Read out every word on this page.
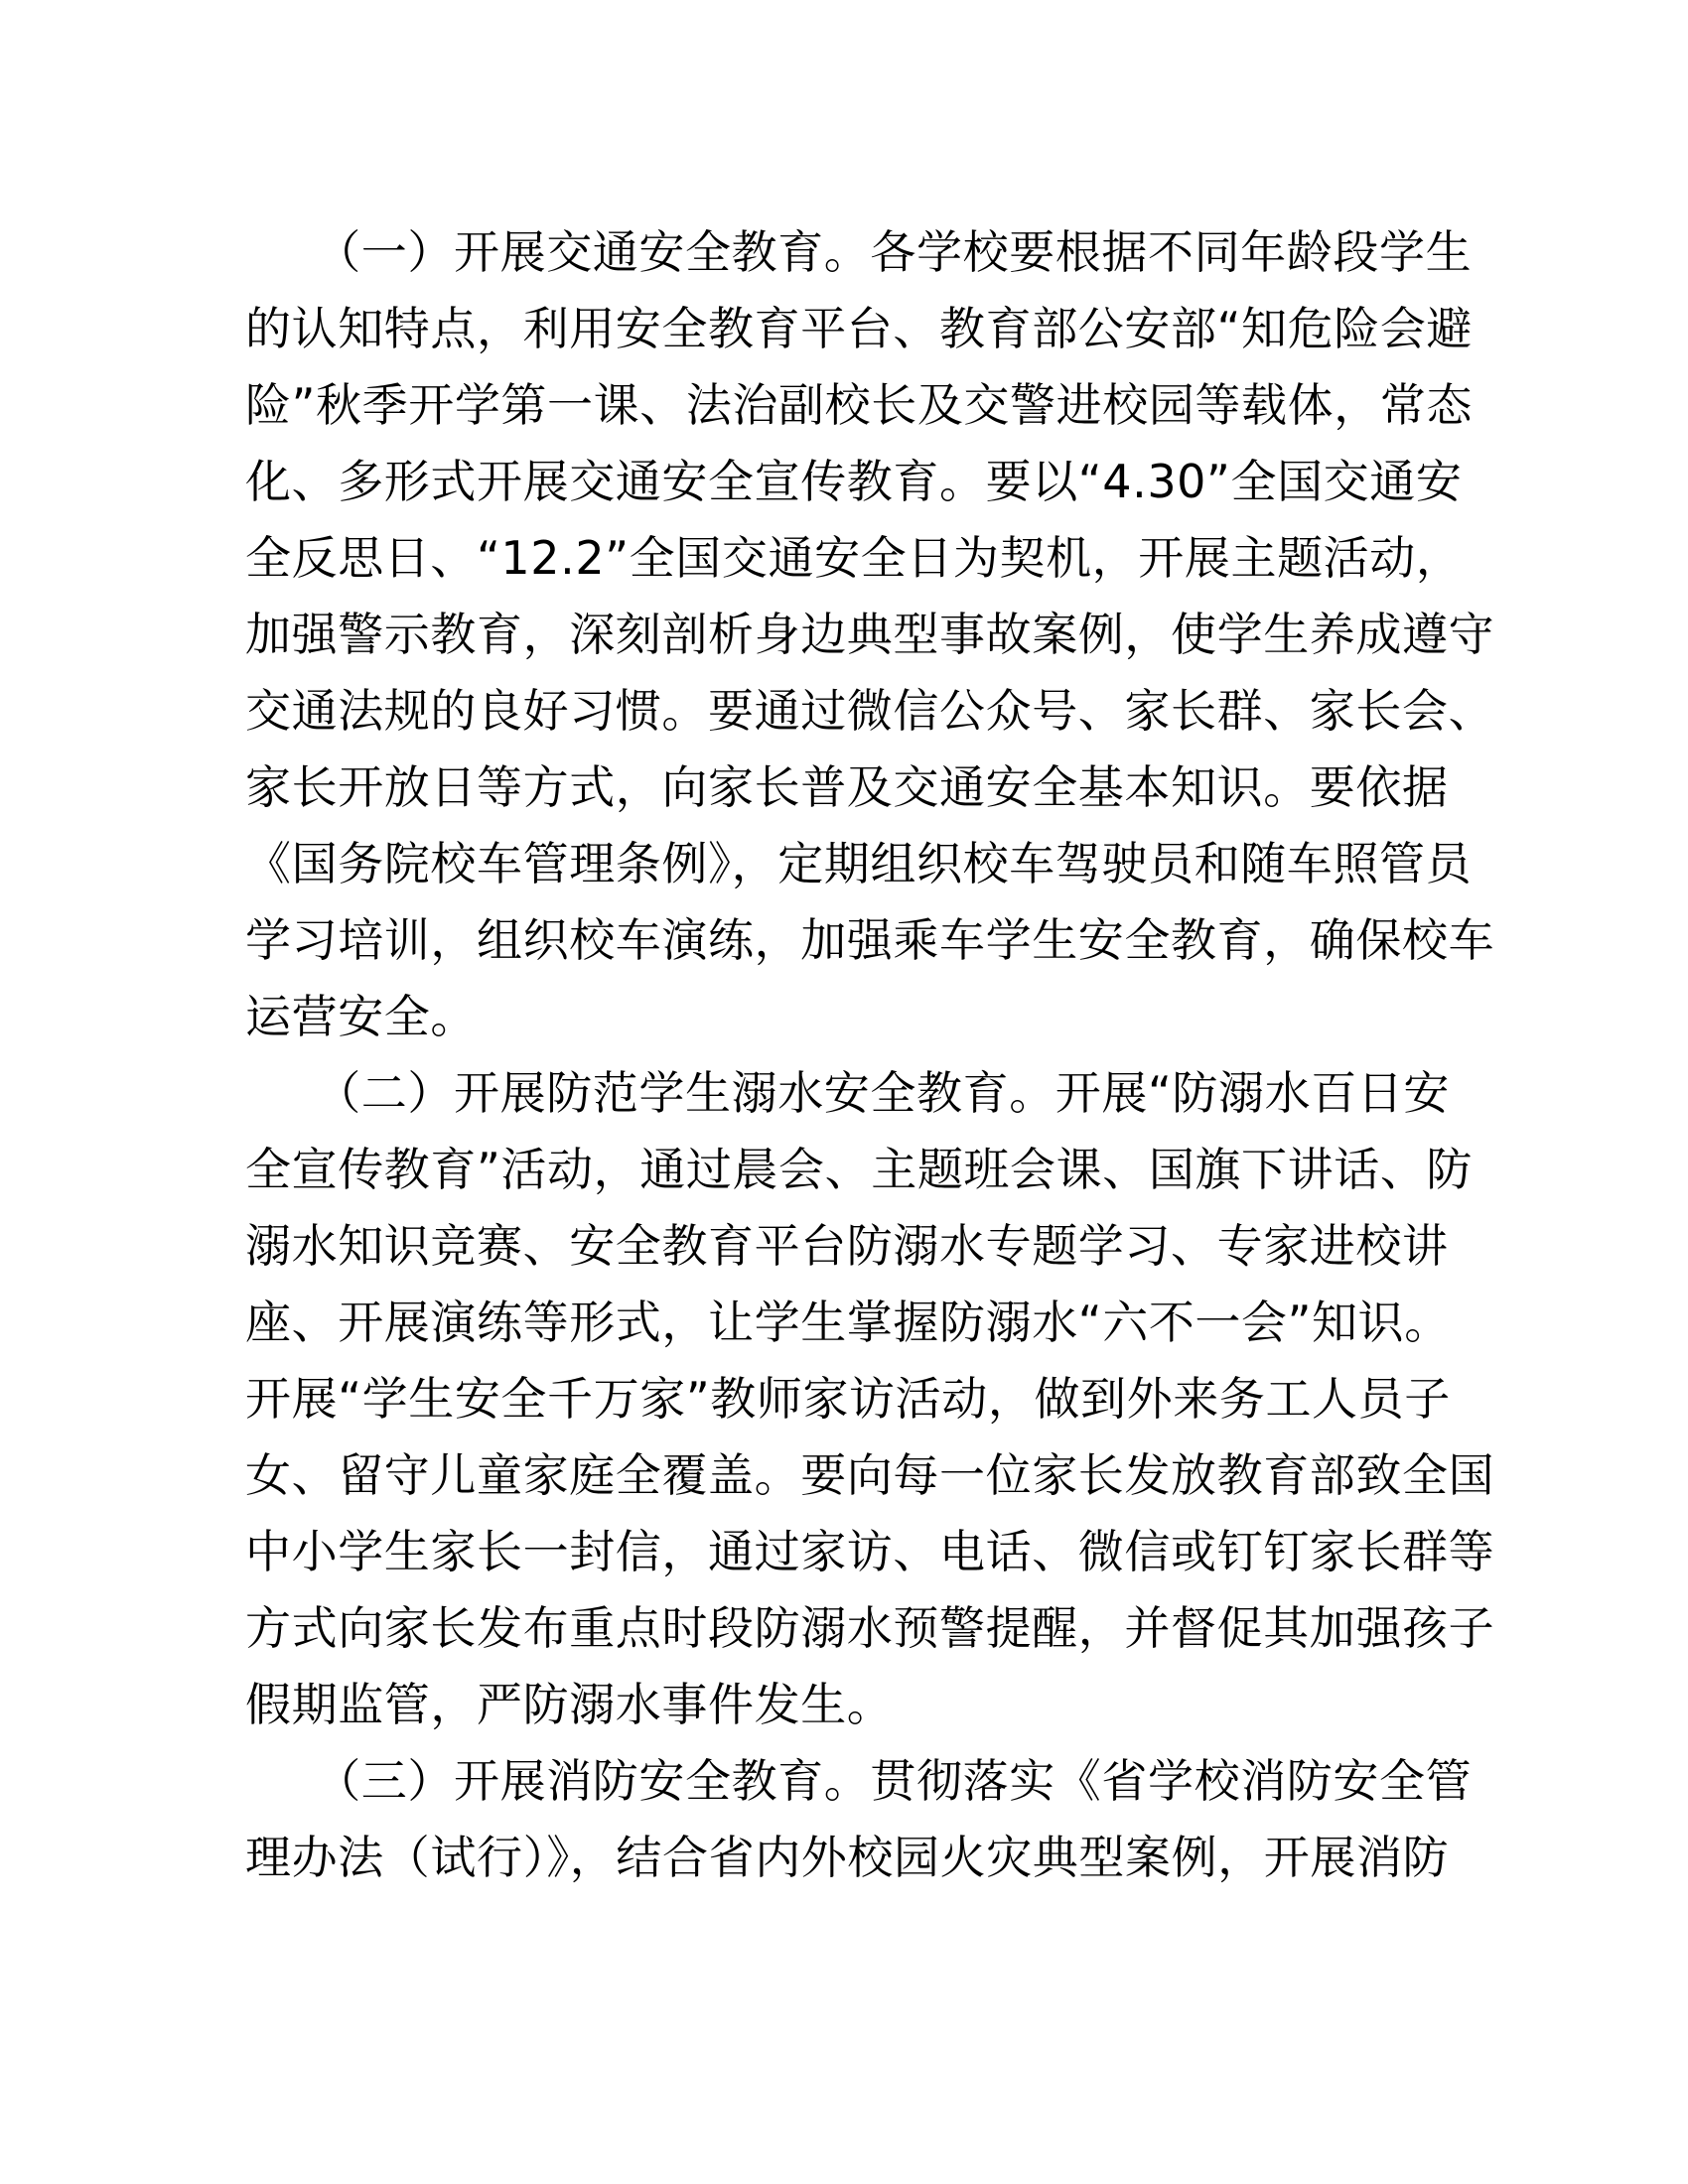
　　（一）开展交通安全教育。各学校要根据不同年龄段学生
的认知特点，利用安全教育平台、教育部公安部“知危险会避
险”秋季开学第一课、法治副校长及交警进校园等载体，常态
化、多形式开展交通安全宣传教育。要以“4.30”全国交通安
全反思日、“12.2”全国交通安全日为契机，开展主题活动，
加强警示教育，深刻剖析身边典型事故案例，使学生养成遵守
交通法规的良好习惯。要通过微信公众号、家长群、家长会、
家长开放日等方式，向家长普及交通安全基本知识。要依据
《国务院校车管理条例》，定期组织校车驾驶员和随车照管员
学习培训，组织校车演练，加强乘车学生安全教育，确保校车
运营安全。
　　（二）开展防范学生溺水安全教育。开展“防溺水百日安
全宣传教育”活动，通过晨会、主题班会课、国旗下讲话、防
溺水知识竞赛、安全教育平台防溺水专题学习、专家进校讲
座、开展演练等形式，让学生掌握防溺水“六不一会”知识。
开展“学生安全千万家”教师家访活动，做到外来务工人员子
女、留守儿童家庭全覆盖。要向每一位家长发放教育部致全国
中小学生家长一封信，通过家访、电话、微信或钉钉家长群等
方式向家长发布重点时段防溺水预警提醒，并督促其加强孩子
假期监管，严防溺水事件发生。
　　（三）开展消防安全教育。贯彻落实《省学校消防安全管
理办法（试行）》，结合省内外校园火灾典型案例，开展消防
